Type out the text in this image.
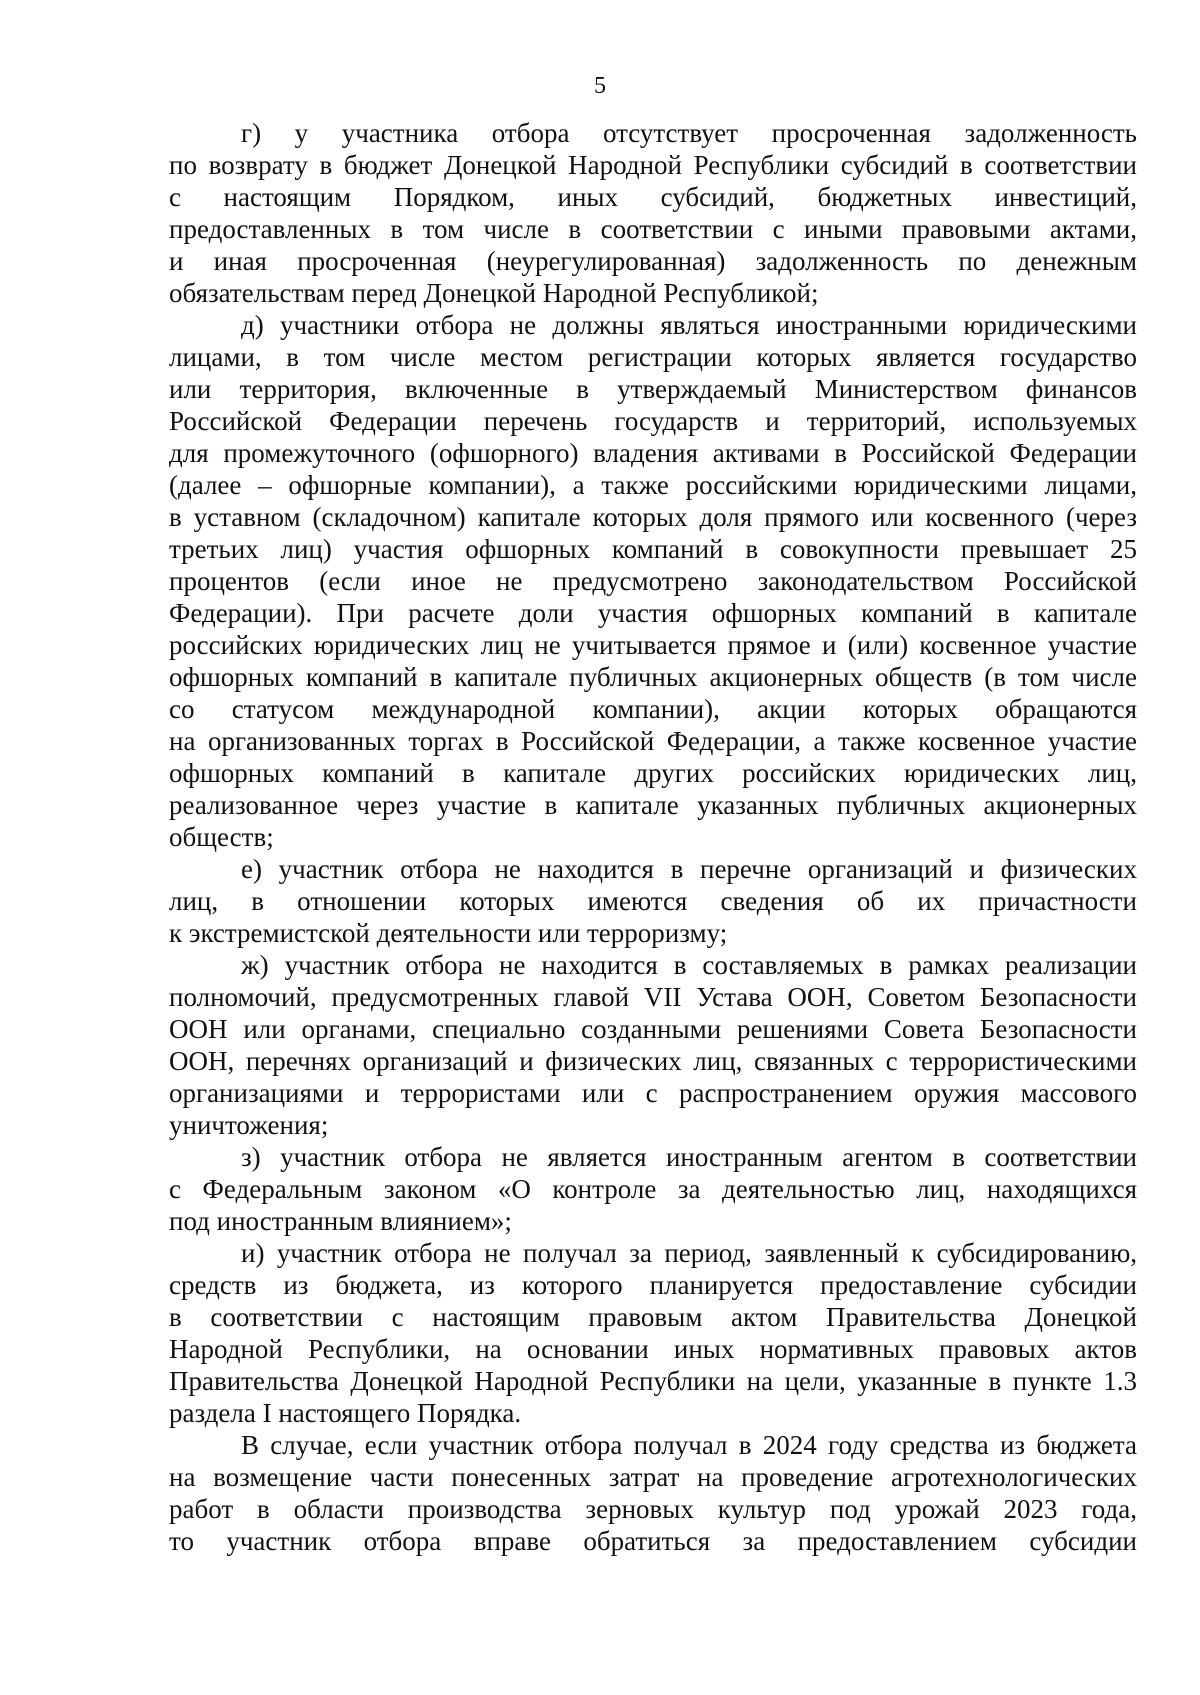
5
г) у участника отбора отсутствует просроченная задолженность
по возврату в бюджет Донецкой Народной Республики субсидий в соответствии
с настоящим Порядком, иных субсидий, бюджетных инвестиций,
предоставленных в том числе в соответствии с иными правовыми актами,
и иная просроченная (неурегулированная) задолженность по денежным
обязательствам перед Донецкой Народной Республикой;
д) участники отбора не должны являться иностранными юридическими
лицами, в том числе местом регистрации которых является государство
или территория, включенные в утверждаемый Министерством финансов
Российской Федерации перечень государств и территорий, используемых
для промежуточного (офшорного) владения активами в Российской Федерации
(далее – офшорные компании), а также российскими юридическими лицами,
в уставном (складочном) капитале которых доля прямого или косвенного (через
третьих лиц) участия офшорных компаний в совокупности превышает 25
процентов (если иное не предусмотрено законодательством Российской
Федерации). При расчете доли участия офшорных компаний в капитале
российских юридических лиц не учитывается прямое и (или) косвенное участие
офшорных компаний в капитале публичных акционерных обществ (в том числе
со статусом международной компании), акции которых обращаются
на организованных торгах в Российской Федерации, а также косвенное участие
офшорных компаний в капитале других российских юридических лиц,
реализованное через участие в капитале указанных публичных акционерных
обществ;
е) участник отбора не находится в перечне организаций и физических
лиц, в отношении которых имеются сведения об их причастности
к экстремистской деятельности или терроризму;
ж) участник отбора не находится в составляемых в рамках реализации
полномочий, предусмотренных главой VII Устава ООН, Советом Безопасности
ООН или органами, специально созданными решениями Совета Безопасности
ООН, перечнях организаций и физических лиц, связанных с террористическими
организациями и террористами или с распространением оружия массового
уничтожения;
з) участник отбора не является иностранным агентом в соответствии
с Федеральным законом «О контроле за деятельностью лиц, находящихся
под иностранным влиянием»;
и) участник отбора не получал за период, заявленный к субсидированию,
средств из бюджета, из которого планируется предоставление субсидии
в соответствии с настоящим правовым актом Правительства Донецкой
Народной Республики, на основании иных нормативных правовых актов
Правительства Донецкой Народной Республики на цели, указанные в пункте 1.3
раздела I настоящего Порядка.
В случае, если участник отбора получал в 2024 году средства из бюджета
на возмещение части понесенных затрат на проведение агротехнологических
работ в области производства зерновых культур под урожай 2023 года,
то участник отбора вправе обратиться за предоставлением субсидии
